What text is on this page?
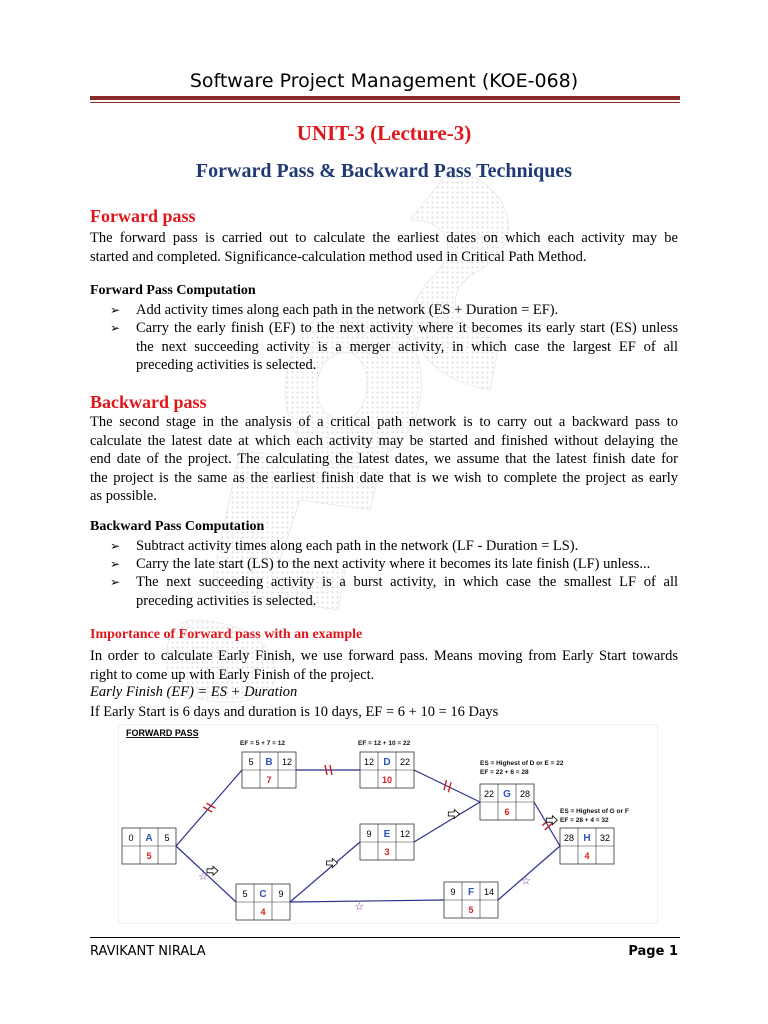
Software Project Management (KOE-068)
UNIT-3 (Lecture-3)
Forward Pass & Backward Pass Techniques
Forward pass
The forward pass is carried out to calculate the earliest dates on which each activity may be
started and completed. Significance-calculation method used in Critical Path Method.
Forward Pass Computation
➢ Add activity times along each path in the network (ES + Duration = EF).
➢ Carry the early finish (EF) to the next activity where it becomes its early start (ES) unless
the next succeeding activity is a merger activity, in which case the largest EF of all
preceding activities is selected.
Backward pass
The second stage in the analysis of a critical path network is to carry out a backward pass to
calculate the latest date at which each activity may be started and finished without delaying the
end date of the project. The calculating the latest dates, we assume that the latest finish date for
the project is the same as the earliest finish date that is we wish to complete the project as early
as possible.
Backward Pass Computation
➢ Subtract activity times along each path in the network (LF - Duration = LS).
➢ Carry the late start (LS) to the next activity where it becomes its late finish (LF) unless...
➢ The next succeeding activity is a burst activity, in which case the smallest LF of all
preceding activities is selected.
Importance of Forward pass with an example
In order to calculate Early Finish, we use forward pass. Means moving from Early Start towards
right to come up with Early Finish of the project.
Early Finish (EF) = ES + Duration
If Early Start is 6 days and duration is 10 days, EF = 6 + 10 = 16 Days
☆
☆
☆
0 A 5
5
5 B 12
7
5 C 9
4
12 D 22
10
9 E 12
3
9 F 14
5
22 G 28
6
28 H 32
4
FORWARD PASS
EF = 5 + 7 = 12	EF = 12 + 10 = 22
ES = Highest of D or E = 22
EF = 22 + 6 = 28
ES = Highest of G or F
EF = 28 + 4 = 32
RAVIKANT NIRALA	Page 1
